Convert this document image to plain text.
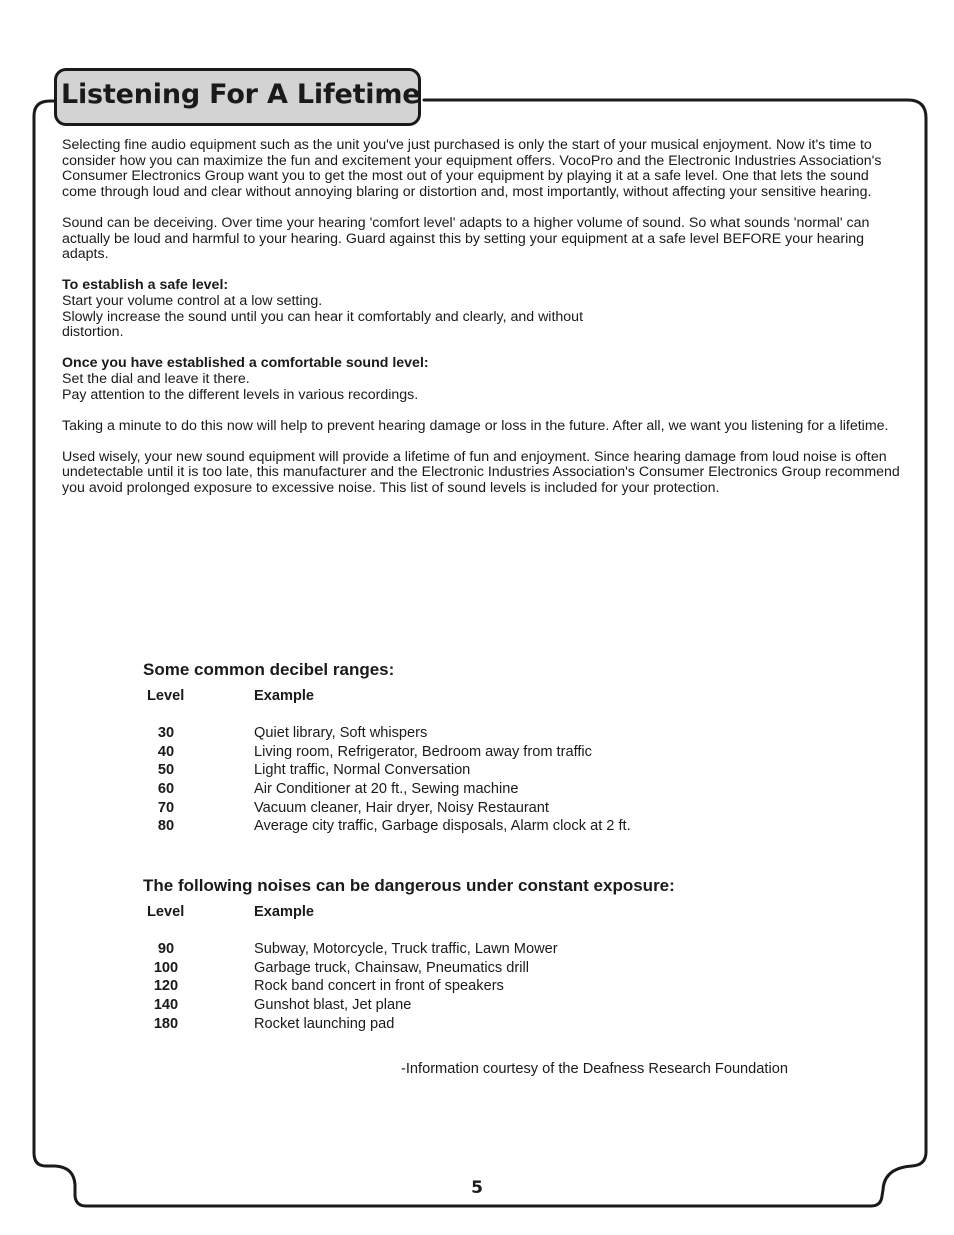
Listening For A Lifetime

Selecting fine audio equipment such as the unit you've just purchased is only the start of your musical enjoyment. Now it's time to consider how you can maximize the fun and excitement your equipment offers. VocoPro and the Electronic Industries Association's Consumer Electronics Group want you to get the most out of your equipment by playing it at a safe level. One that lets the sound come through loud and clear without annoying blaring or distortion and, most importantly, without affecting your sensitive hearing.

Sound can be deceiving. Over time your hearing 'comfort level' adapts to a higher volume of sound. So what sounds 'normal' can actually be loud and harmful to your hearing. Guard against this by setting your equipment at a safe level BEFORE your hearing adapts.

To establish a safe level:
Start your volume control at a low setting.
Slowly increase the sound until you can hear it comfortably and clearly, and without distortion.

Once you have established a comfortable sound level:
Set the dial and leave it there.
Pay attention to the different levels in various recordings.

Taking a minute to do this now will help to prevent hearing damage or loss in the future. After all, we want you listening for a lifetime.

Used wisely, your new sound equipment will provide a lifetime of fun and enjoyment. Since hearing damage from loud noise is often undetectable until it is too late, this manufacturer and the Electronic Industries Association's Consumer Electronics Group recommend you avoid prolonged exposure to excessive noise. This list of sound levels is included for your protection.

Some common decibel ranges:
Level	Example
30	Quiet library, Soft whispers
40	Living room, Refrigerator, Bedroom away from traffic
50	Light traffic, Normal Conversation
60	Air Conditioner at 20 ft., Sewing machine
70	Vacuum cleaner, Hair dryer, Noisy Restaurant
80	Average city traffic, Garbage disposals, Alarm clock at 2 ft.
The following noises can be dangerous under constant exposure:
Level	Example
90	Subway, Motorcycle, Truck traffic, Lawn Mower
100	Garbage truck, Chainsaw, Pneumatics drill
120	Rock band concert in front of speakers
140	Gunshot blast, Jet plane
180	Rocket launching pad
-Information courtesy of the Deafness Research Foundation
5
